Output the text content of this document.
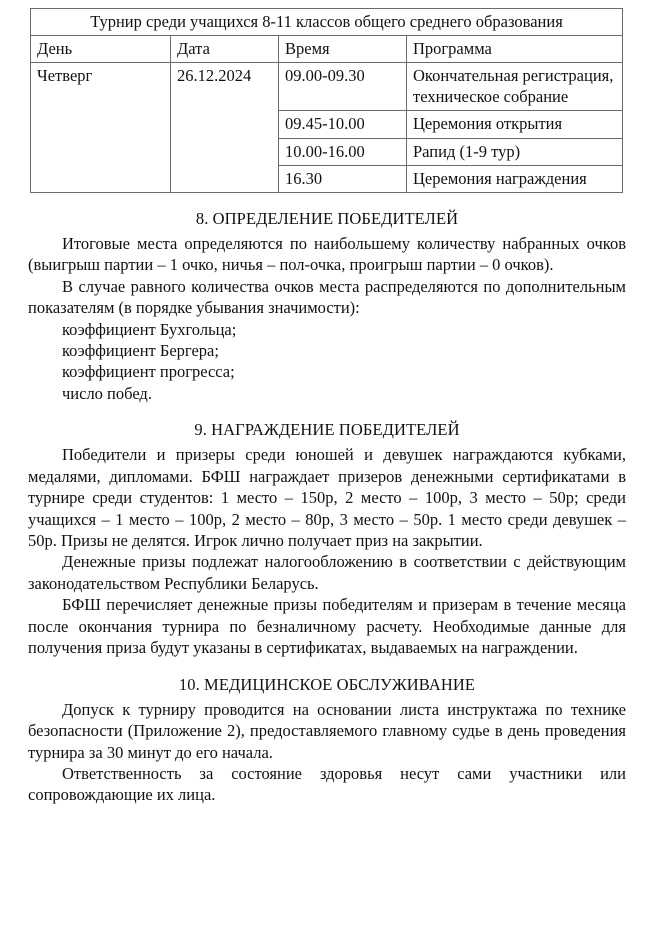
Турнир среди учащихся 8-11 классов общего среднего образования			
День	Дата	Время	Программа
Четверг	26.12.2024	09.00-09.30	Окончательная регистрация, техническое собрание
		09.45-10.00	Церемония открытия
		10.00-16.00	Рапид (1-9 тур)
		16.30	Церемония награждения
8. ОПРЕДЕЛЕНИЕ ПОБЕДИТЕЛЕЙ

Итоговые места определяются по наибольшему количеству набранных очков (выигрыш партии – 1 очко, ничья – пол-очка, проигрыш партии – 0 очков).

В случае равного количества очков места распределяются по дополнительным показателям (в порядке убывания значимости):

коэффициент Бухгольца;

коэффициент Бергера;

коэффициент прогресса;

число побед.

9. НАГРАЖДЕНИЕ ПОБЕДИТЕЛЕЙ

Победители и призеры среди юношей и девушек награждаются кубками, медалями, дипломами. БФШ награждает призеров денежными сертификатами в турнире среди студентов: 1 место – 150р, 2 место – 100р, 3 место – 50р; среди учащихся – 1 место – 100р, 2 место – 80р, 3 место – 50р. 1 место среди девушек – 50р. Призы не делятся. Игрок лично получает приз на закрытии.

Денежные призы подлежат налогообложению в соответствии с действующим законодательством Республики Беларусь.

БФШ перечисляет денежные призы победителям и призерам в течение месяца после окончания турнира по безналичному расчету. Необходимые данные для получения приза будут указаны в сертификатах, выдаваемых на награждении.

10. МЕДИЦИНСКОЕ ОБСЛУЖИВАНИЕ

Допуск к турниру проводится на основании листа инструктажа по технике безопасности (Приложение 2), предоставляемого главному судье в день проведения турнира за 30 минут до его начала.

Ответственность за состояние здоровья несут сами участники или сопровождающие их лица.
